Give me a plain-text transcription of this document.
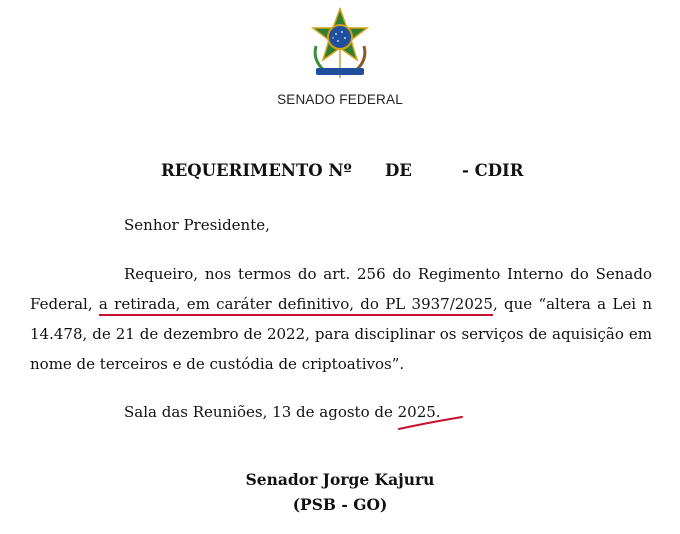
SENADO FEDERAL
REQUERIMENTO Nº DE	- CDIR
Senhor Presidente,
Requeiro, nos termos do art. 256 do Regimento Interno do Senado
Federal, a retirada, em caráter definitivo, do PL 3937/2025, que “altera a Lei n
14.478, de 21 de dezembro de 2022, para disciplinar os serviços de aquisição em
nome de terceiros e de custódia de criptoativos”.
Sala das Reuniões, 13 de agosto de 2025.
Senador Jorge Kajuru
(PSB - GO)
